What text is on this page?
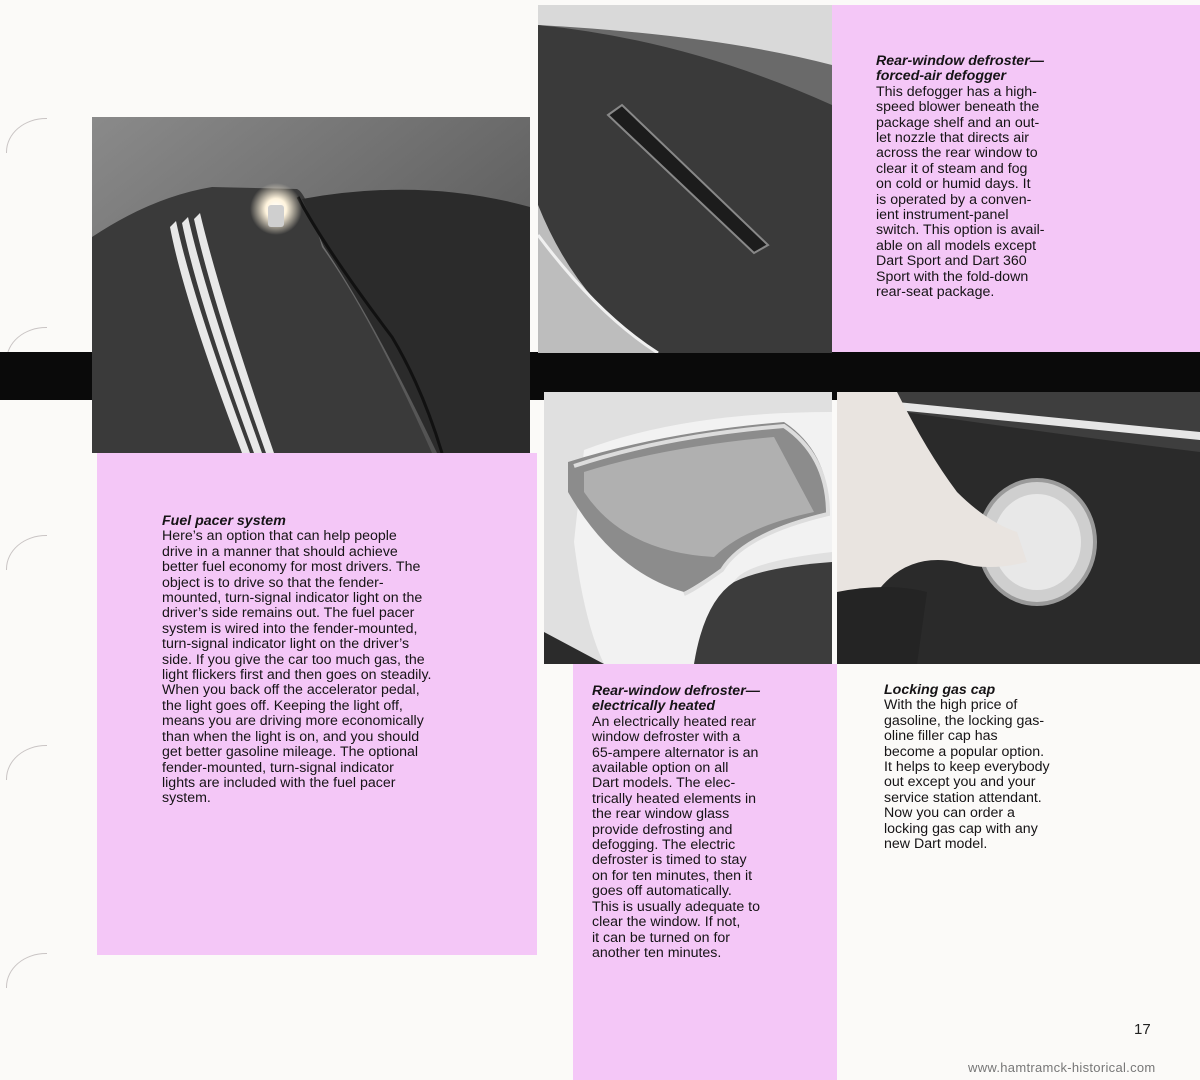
Rear-window defroster—
forced-air defogger
This defogger has a high-
speed blower beneath the
package shelf and an out-
let nozzle that directs air
across the rear window to
clear it of steam and fog
on cold or humid days. It
is operated by a conven-
ient instrument-panel
switch. This option is avail-
able on all models except
Dart Sport and Dart 360
Sport with the fold-down
rear-seat package.
Fuel pacer system
Here’s an option that can help people
drive in a manner that should achieve
better fuel economy for most drivers. The
object is to drive so that the fender-
mounted, turn-signal indicator light on the
driver’s side remains out. The fuel pacer
system is wired into the fender-mounted,
turn-signal indicator light on the driver’s
side. If you give the car too much gas, the
light flickers first and then goes on steadily.
When you back off the accelerator pedal,
the light goes off. Keeping the light off,
means you are driving more economically
than when the light is on, and you should
get better gasoline mileage. The optional
fender-mounted, turn-signal indicator
lights are included with the fuel pacer
system.
Rear-window defroster—
electrically heated
An electrically heated rear
window defroster with a
65-ampere alternator is an
available option on all
Dart models. The elec-
trically heated elements in
the rear window glass
provide defrosting and
defogging. The electric
defroster is timed to stay
on for ten minutes, then it
goes off automatically.
This is usually adequate to
clear the window. If not,
it can be turned on for
another ten minutes.
Locking gas cap
With the high price of
gasoline, the locking gas-
oline filler cap has
become a popular option.
It helps to keep everybody
out except you and your
service station attendant.
Now you can order a
locking gas cap with any
new Dart model.
17
www.hamtramck-historical.com
